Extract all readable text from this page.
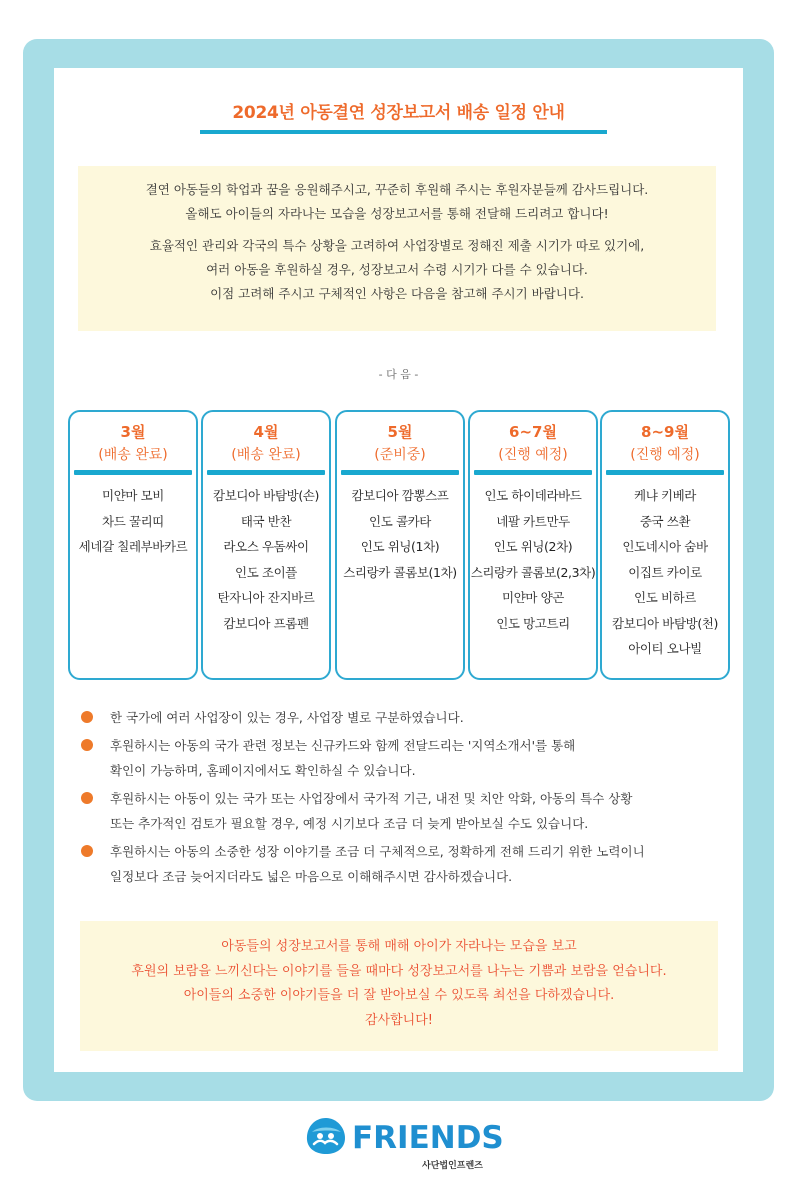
2024년 아동결연 성장보고서 배송 일정 안내
결연 아동들의 학업과 꿈을 응원해주시고, 꾸준히 후원해 주시는 후원자분들께 감사드립니다.
올해도 아이들의 자라나는 모습을 성장보고서를 통해 전달해 드리려고 합니다!
효율적인 관리와 각국의 특수 상황을 고려하여 사업장별로 정해진 제출 시기가 따로 있기에,
여러 아동을 후원하실 경우, 성장보고서 수령 시기가 다를 수 있습니다.
이점 고려해 주시고 구체적인 사항은 다음을 참고해 주시기 바랍니다.
- 다 음 -
3월
(배송 완료)
미얀마 모비
차드 꿀리띠
세네갈 칠레부바카르
4월
(배송 완료)
캄보디아 바탐방(손)
태국 반찬
라오스 우돔싸이
인도 조이플
탄자니아 잔지바르
캄보디아 프롬펜
5월
(준비중)
캄보디아 깜뽕스프
인도 콜카타
인도 위닝(1차)
스리랑카 콜롬보(1차)
6~7월
(진행 예정)
인도 하이데라바드
네팔 카트만두
인도 위닝(2차)
스리랑카 콜롬보(2,3차)
미얀마 양곤
인도 망고트리
8~9월
(진행 예정)
케냐 키베라
중국 쓰촨
인도네시아 숨바
이집트 카이로
인도 비하르
캄보디아 바탐방(천)
아이티 오나빌
한 국가에 여러 사업장이 있는 경우, 사업장 별로 구분하였습니다.
후원하시는 아동의 국가 관련 정보는 신규카드와 함께 전달드리는 '지역소개서'를 통해
확인이 가능하며, 홈페이지에서도 확인하실 수 있습니다.
후원하시는 아동이 있는 국가 또는 사업장에서 국가적 기근, 내전 및 치안 악화, 아동의 특수 상황
또는 추가적인 검토가 필요할 경우, 예정 시기보다 조금 더 늦게 받아보실 수도 있습니다.
후원하시는 아동의 소중한 성장 이야기를 조금 더 구체적으로, 정확하게 전해 드리기 위한 노력이니
일정보다 조금 늦어지더라도 넓은 마음으로 이해해주시면 감사하겠습니다.
아동들의 성장보고서를 통해 매해 아이가 자라나는 모습을 보고
후원의 보람을 느끼신다는 이야기를 들을 때마다 성장보고서를 나누는 기쁨과 보람을 얻습니다.
아이들의 소중한 이야기들을 더 잘 받아보실 수 있도록 최선을 다하겠습니다.
감사합니다!
FRIENDS
사단법인프렌즈
